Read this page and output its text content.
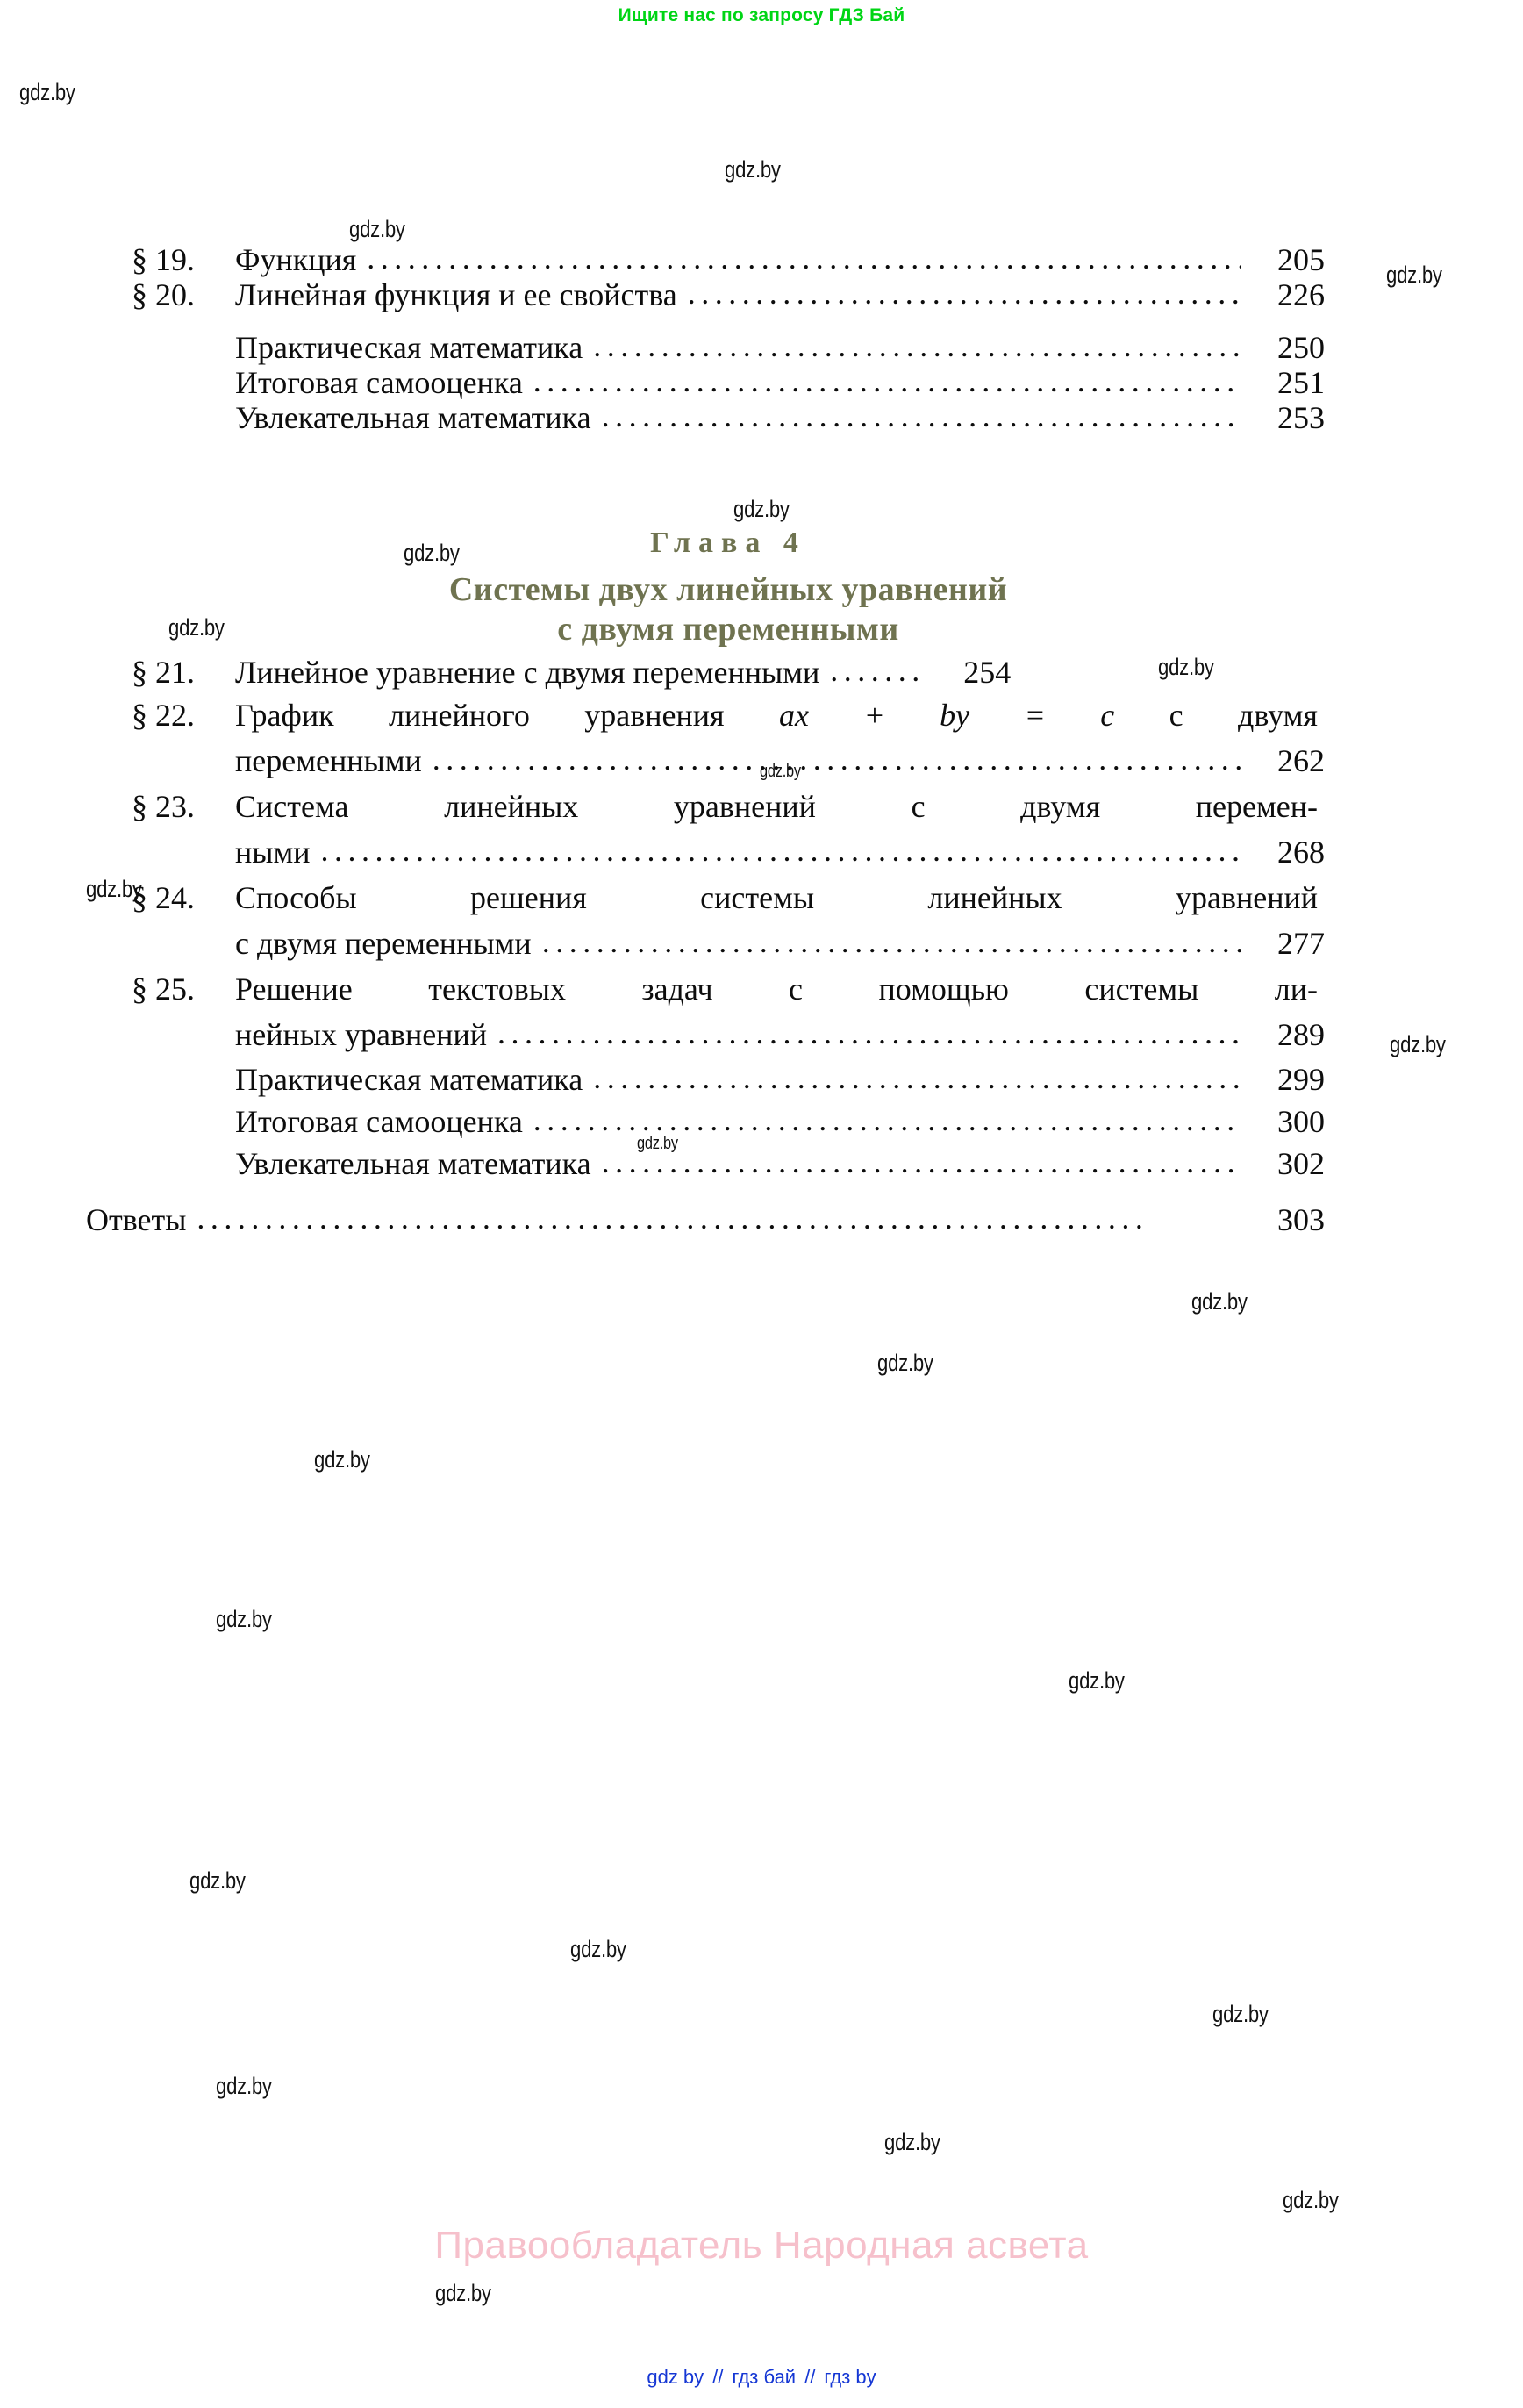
Ищите нас по запросу ГДЗ Бай
gdz.by
gdz.by
gdz.by
gdz.by
gdz.by
gdz.by
gdz.by
gdz.by
gdz.by
gdz.by
gdz.by
gdz.by
gdz.by
gdz.by
gdz.by
gdz.by
gdz.by
gdz.by
gdz.by
gdz.by
gdz.by
gdz.by
gdz.by
gdz.by
§ 19.	Функция .....	205
§ 20.	Линейная функция и ее свойства .....	226
Практическая математика .....	250
Итоговая самооценка .....	251
Увлекательная математика .....	253
Глава 4
Системы двух линейных уравнений
с двумя переменными
§ 21.	Линейное уравнение с двумя переменными .....	254
§ 22.	График линейного уравнения ax + by = c с двумя
переменными .....	262
§ 23.	Система линейных уравнений с двумя перемен-
ными .....	268
§ 24.	Способы решения системы линейных уравнений
с двумя переменными .....	277
§ 25.	Решение текстовых задач с помощью системы ли-
нейных уравнений .....	289
Практическая математика .....	299
Итоговая самооценка .....	300
Увлекательная математика .....	302
Ответы .....	303
Правообладатель Народная асвета
gdz by // гдз бай // гдз by
